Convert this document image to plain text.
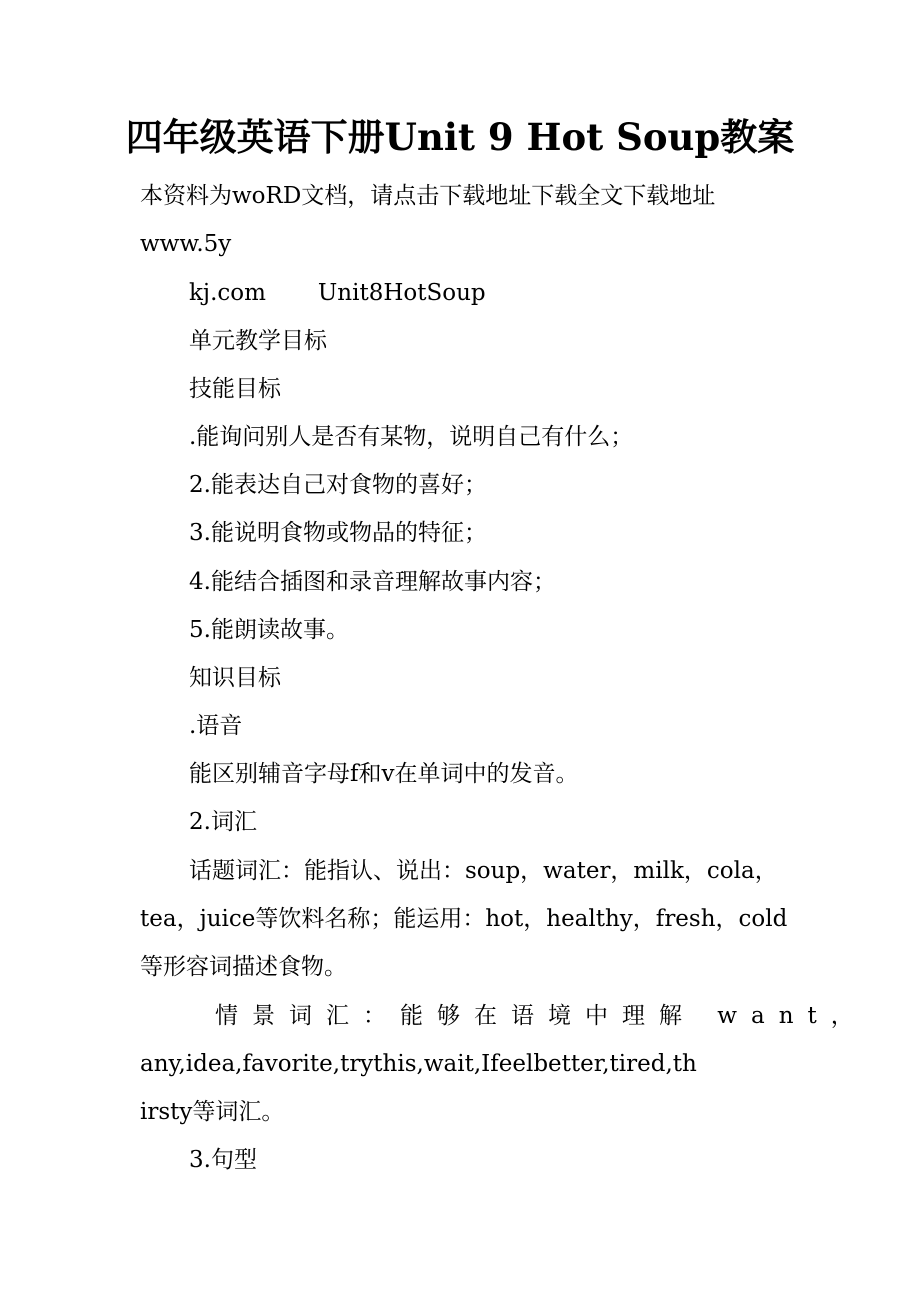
四年级英语下册Unit 9 Hot Soup教案

本资料为woRD文档，请点击下载地址下载全文下载地址

www.5y

kj.com Unit8HotSoup

单元教学目标

技能目标

.能询问别人是否有某物，说明自己有什么；

2.能表达自己对食物的喜好；

3.能说明食物或物品的特征；

4.能结合插图和录音理解故事内容；

5.能朗读故事。

知识目标

.语音

能区别辅音字母f和v在单词中的发音。

2.词汇

话题词汇：能指认、说出：soup，water，milk，cola，

tea，juice等饮料名称；能运用：hot，healthy，fresh，cold

等形容词描述食物。

情景词汇：能够在语境中理解 want，

any,idea,favorite,trythis,wait,Ifeelbetter,tired,th

irsty等词汇。

3.句型
